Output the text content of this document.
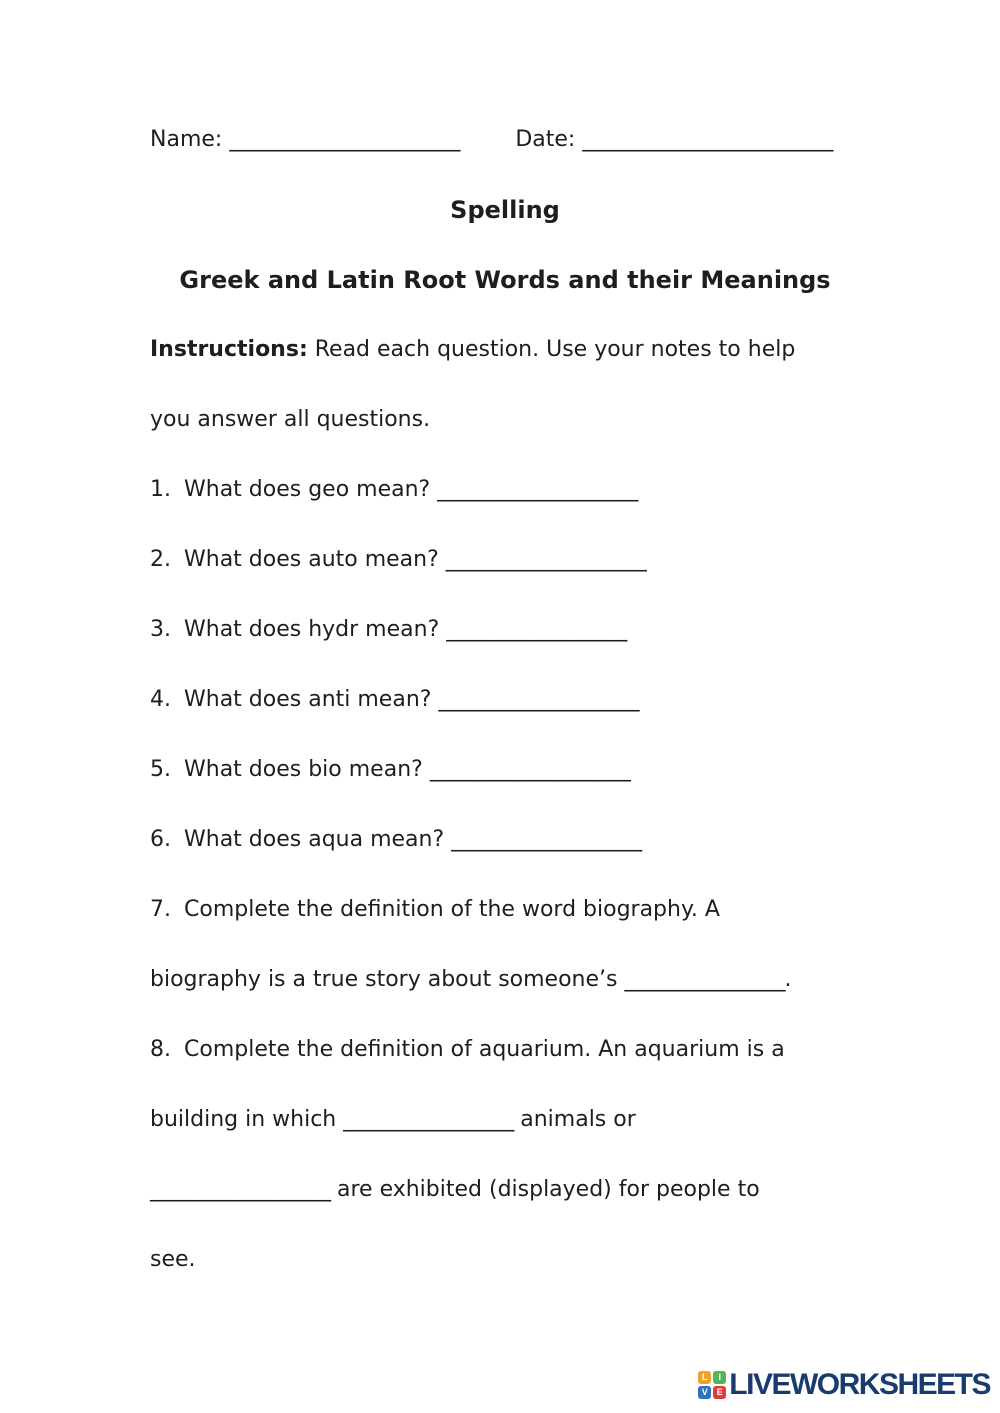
Name: _______________________	Date: _________________________
Spelling
Greek and Latin Root Words and their Meanings
Instructions: Read each question. Use your notes to help
you answer all questions.
1. What does geo mean? ____________________
2. What does auto mean? ____________________
3. What does hydr mean? __________________
4. What does anti mean? ____________________
5. What does bio mean? ____________________
6. What does aqua mean? ___________________
7. Complete the definition of the word biography. A
biography is a true story about someone’s ________________.
8. Complete the definition of aquarium. An aquarium is a
building in which _________________ animals or
__________________ are exhibited (displayed) for people to
see.
L	I
V E LIVEWORKSHEETS
